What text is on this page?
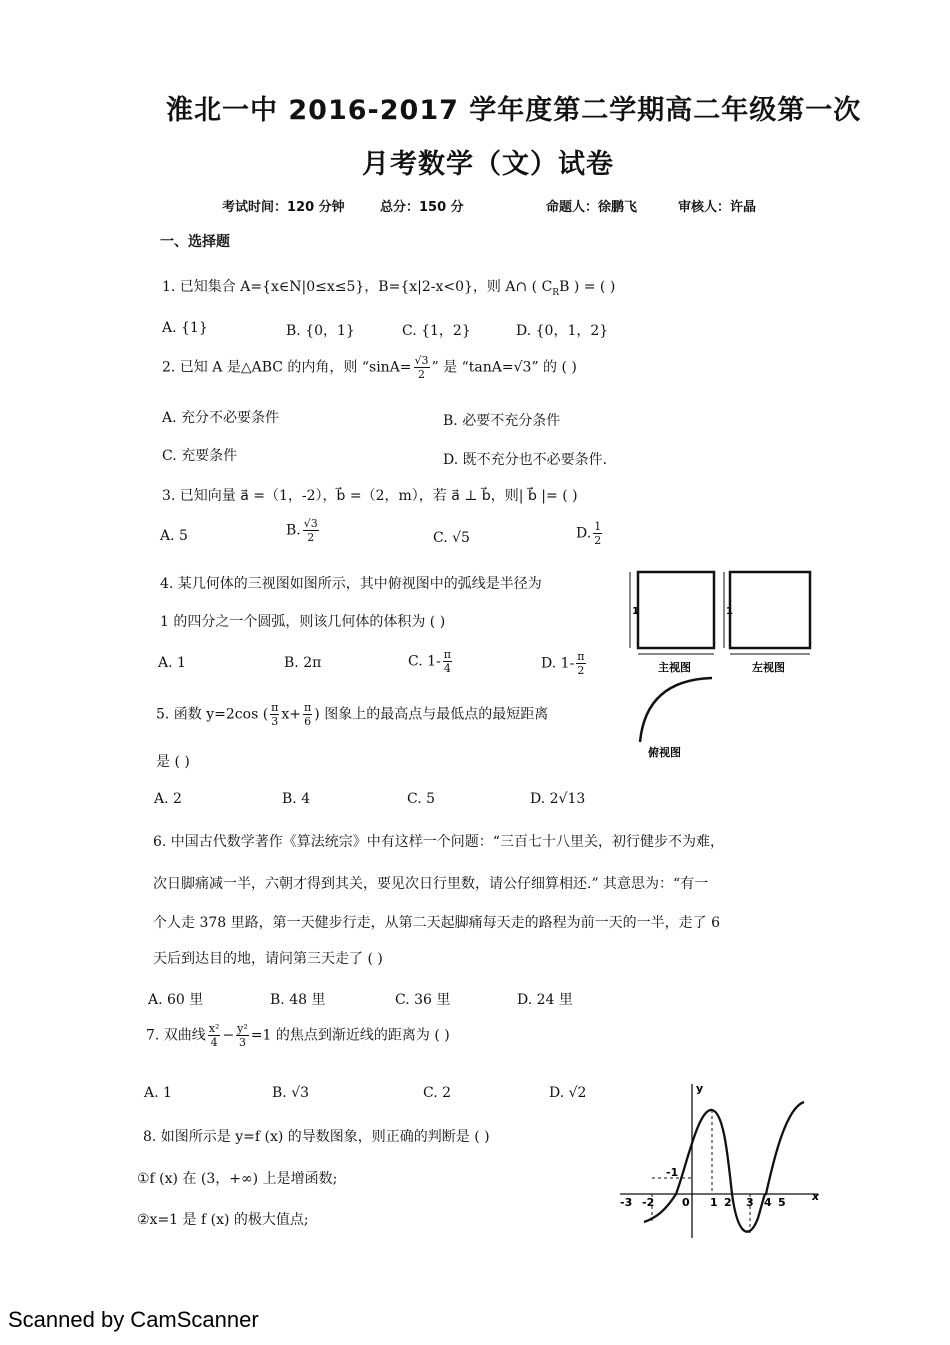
淮北一中 2016-2017 学年度第二学期高二年级第一次
月考数学（文）试卷
考试时间：120 分钟	总分：150 分	命题人：徐鹏飞	审核人：许晶
一、选择题
1. 已知集合 A={x∈N|0≤x≤5}，B={x|2-x<0}，则 A∩ ( $C_RB$ ) = ( )
A. {1}	B. {0，1}	C. {1，2}	D. {0，1，2}
2. 已知 A 是△ABC 的内角，则 “$\sin A= \frac{√3}{2}$ ” 是 “tanA=√3” 的 ( )
A. 充分不必要条件	B. 必要不充分条件
C. 充要条件	D. 既不充分也不必要条件.
3. 已知向量 a⃗ =（1，-2），b⃗ =（2，m），若 a⃗ ⊥ b⃗，则| b⃗ |= ( )
A. 5	B. $\frac{√3}{2}$	C. √5	D. $\frac{1}{2}$
4. 某几何体的三视图如图所示，其中俯视图中的弧线是半径为
1 的四分之一个圆弧，则该几何体的体积为 ( )
A. 1	B. 2π	C. $1- \frac{\pi}{4}$	D. $1- \frac{\pi}{2}$
1
主视图
1
左视图
俯视图
5. 函数 y=2cos ( $\frac{\pi}{3} x+ \frac{\pi}{6}$ ) 图象上的最高点与最低点的最短距离
是 ( )
A. 2	B. 4	C. 5	D. 2√13
6. 中国古代数学著作《算法统宗》中有这样一个问题：“三百七十八里关，初行健步不为难，
次日脚痛减一半，六朝才得到其关，要见次日行里数，请公仔细算相还.” 其意思为：“有一
个人走 378 里路，第一天健步行走，从第二天起脚痛每天走的路程为前一天的一半，走了 6
天后到达目的地，请问第三天走了 ( )
A. 60 里	B. 48 里	C. 36 里	D. 24 里
7. 双曲线 $\frac{\text{x²}}{4} - \frac{\text{y²}}{3} =1$ 的焦点到渐近线的距离为 ( )
A. 1	B. √3	C. 2	D. √2
8. 如图所示是 y=f (x) 的导数图象，则正确的判断是 ( )
①f (x) 在 (3，+∞) 上是增函数;
②x=1 是 f (x) 的极大值点;
y
x
-1
-3 -2	0 1 2 3 4 5
Scanned by CamScanner
